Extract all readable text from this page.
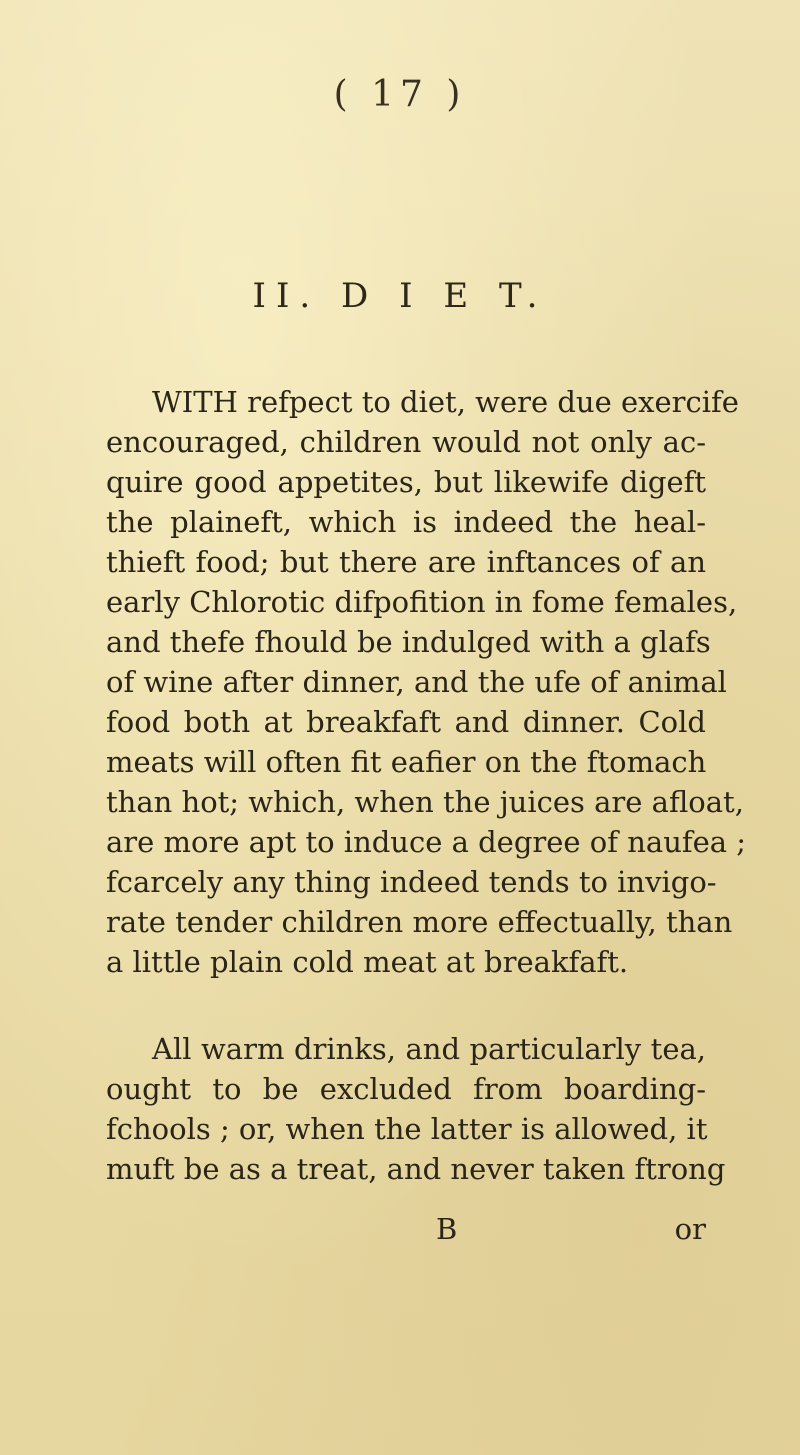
( 17 )
II. D I E T.

WITH refpect to diet, were due exercife
encouraged, children would not only ac-
quire good appetites, but likewife digeft
the plaineft, which is indeed the heal-
thieft food; but there are inftances of an
early Chlorotic difpofition in fome females,
and thefe fhould be indulged with a glafs
of wine after dinner, and the ufe of animal
food both at breakfaft and dinner. Cold
meats will often fit eafier on the ftomach
than hot; which, when the juices are afloat,
are more apt to induce a degree of naufea ;
fcarcely any thing indeed tends to invigo-
rate tender children more effectually, than
a little plain cold meat at breakfaft.

All warm drinks, and particularly tea,
ought to be excluded from boarding-
fchools ; or, when the latter is allowed, it
muft be as a treat, and never taken ftrong

B	or
